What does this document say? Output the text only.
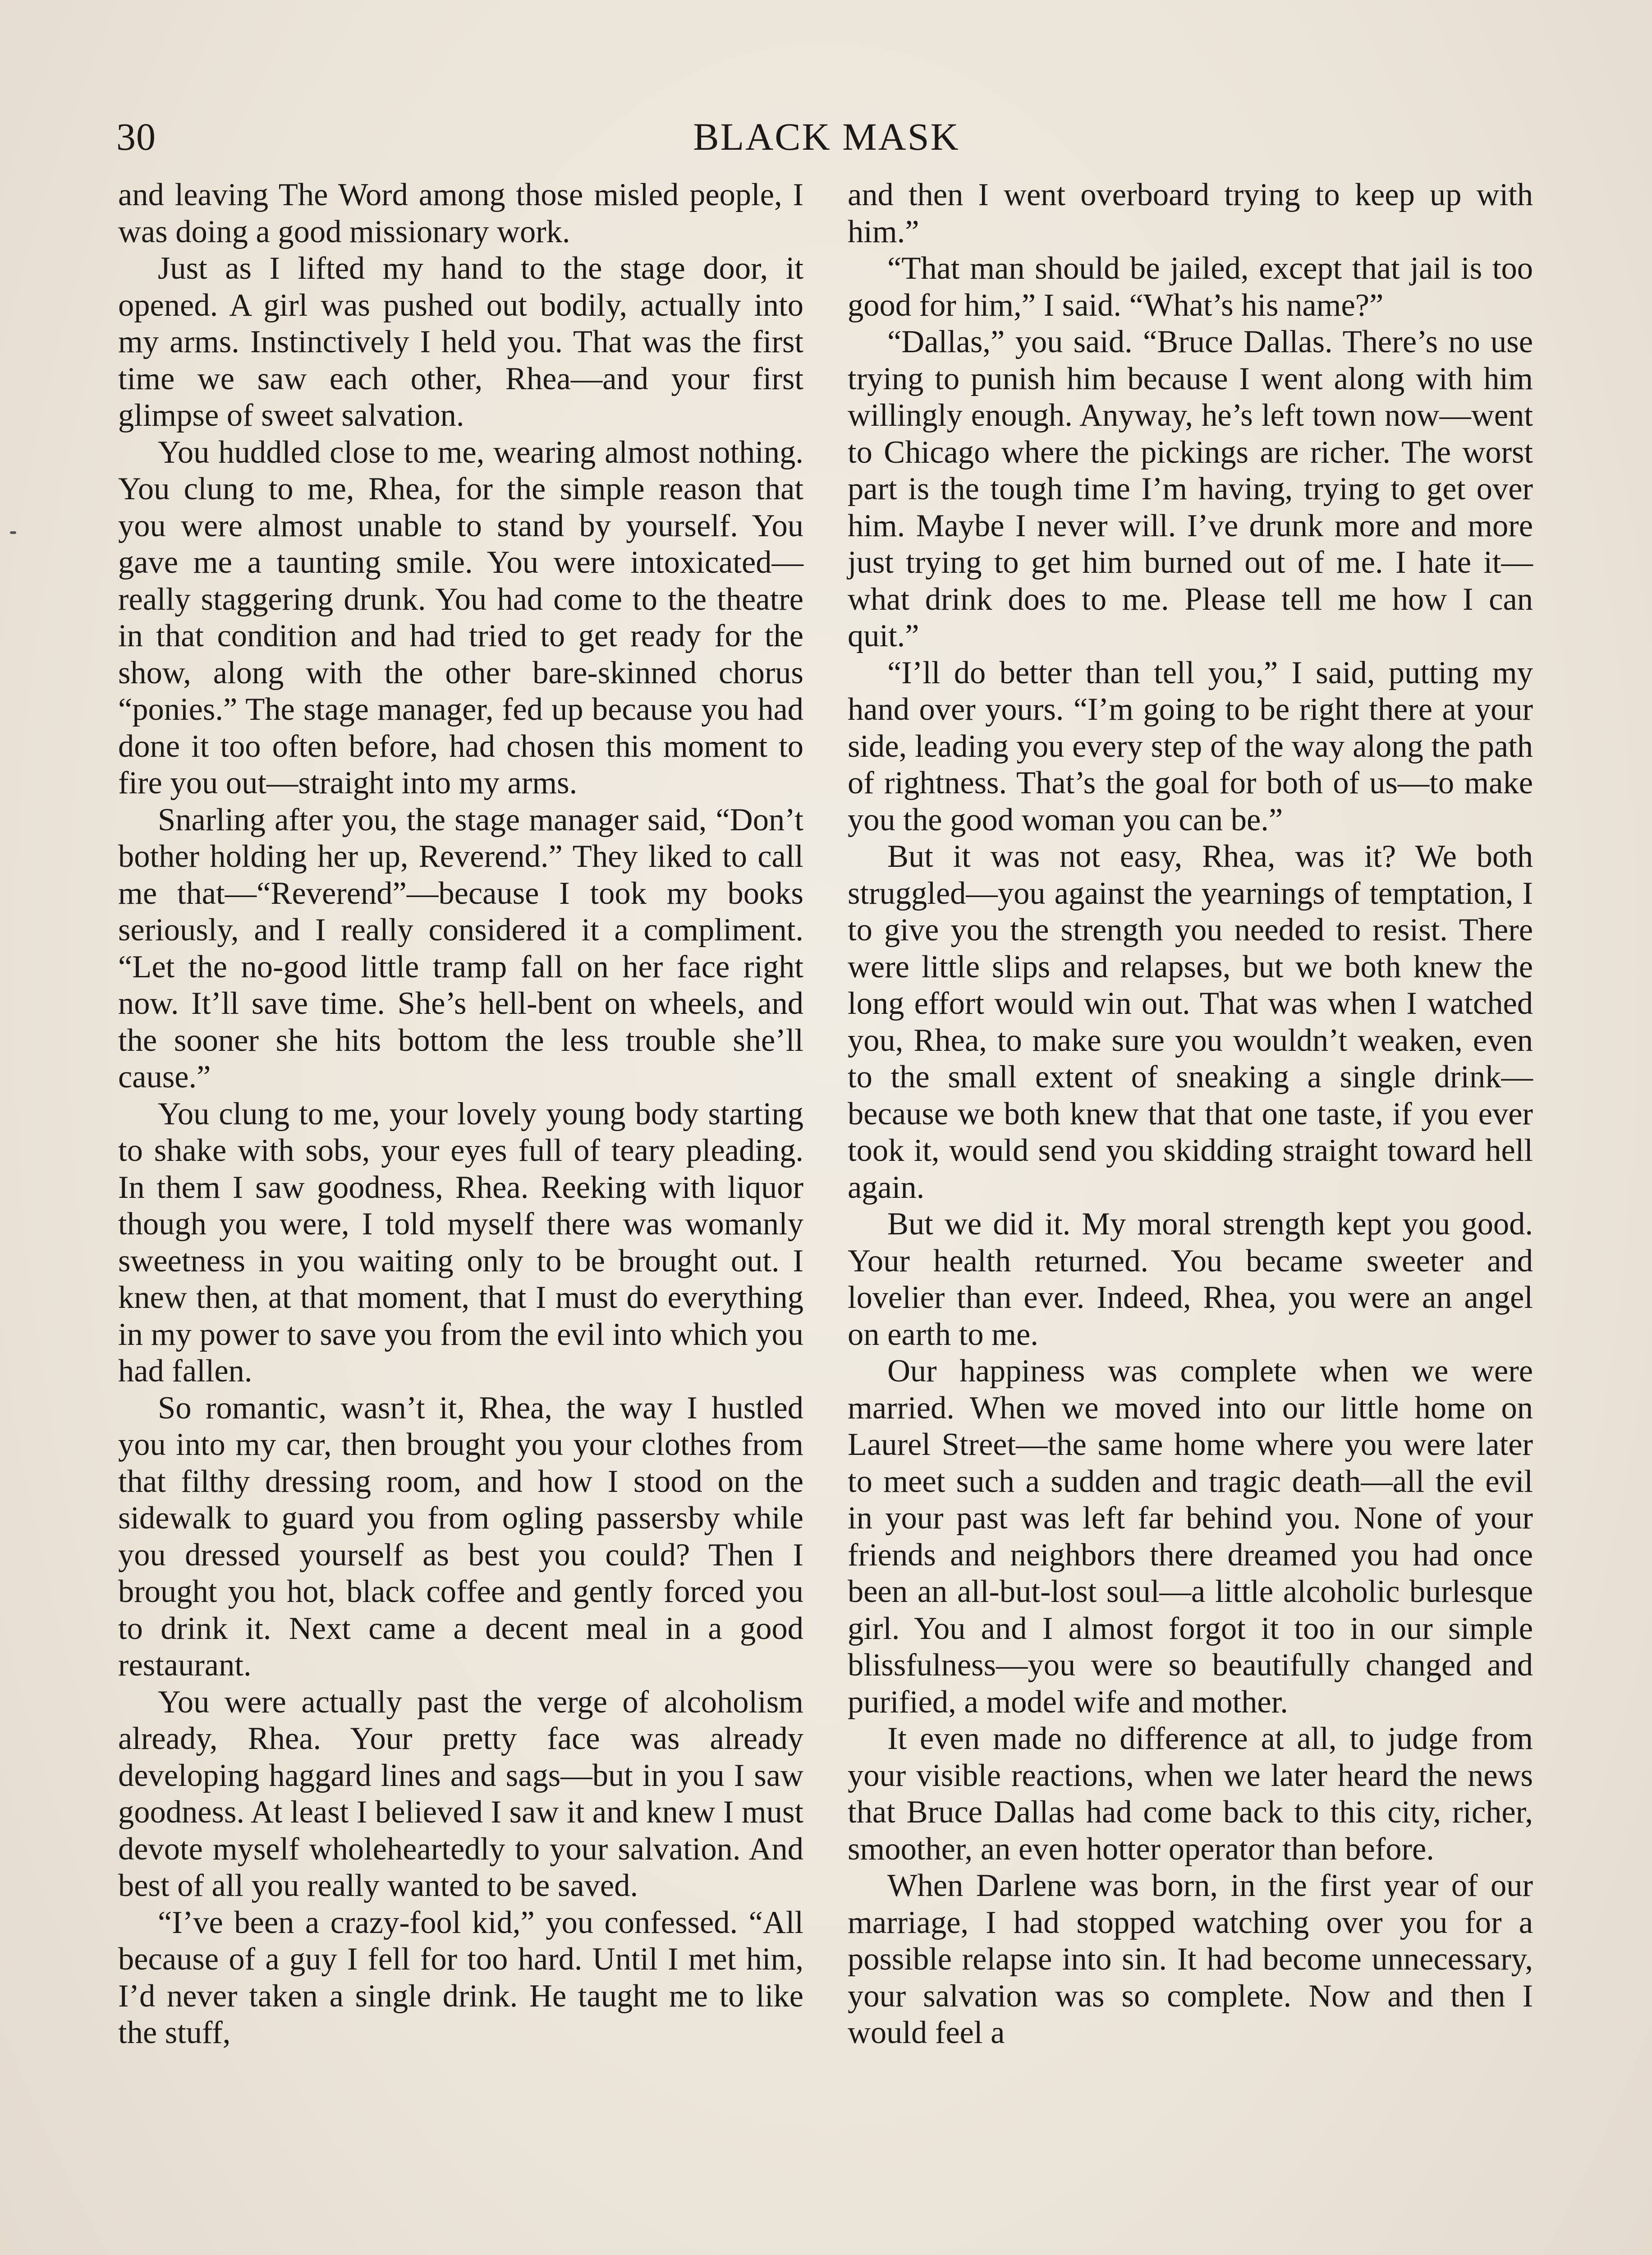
30	BLACK MASK

and leaving The Word among those misled people, I was doing a good missionary work.

Just as I lifted my hand to the stage door, it opened. A girl was pushed out bodily, actually into my arms. Instinctively I held you. That was the first time we saw each other, Rhea—and your first glimpse of sweet salvation.

You huddled close to me, wearing almost nothing. You clung to me, Rhea, for the simple reason that you were almost unable to stand by yourself. You gave me a taunting smile. You were intoxicated—really staggering drunk. You had come to the theatre in that condition and had tried to get ready for the show, along with the other bare-skinned chorus “ponies.” The stage manager, fed up because you had done it too often before, had chosen this moment to fire you out—straight into my arms.

Snarling after you, the stage manager said, “Don’t bother holding her up, Reverend.” They liked to call me that—“Reverend”—because I took my books seriously, and I really considered it a compliment. “Let the no-good little tramp fall on her face right now. It’ll save time. She’s hell-bent on wheels, and the sooner she hits bottom the less trouble she’ll cause.”

You clung to me, your lovely young body starting to shake with sobs, your eyes full of teary pleading. In them I saw goodness, Rhea. Reeking with liquor though you were, I told myself there was womanly sweetness in you waiting only to be brought out. I knew then, at that moment, that I must do everything in my power to save you from the evil into which you had fallen.

So romantic, wasn’t it, Rhea, the way I hustled you into my car, then brought you your clothes from that filthy dressing room, and how I stood on the sidewalk to guard you from ogling passersby while you dressed yourself as best you could? Then I brought you hot, black coffee and gently forced you to drink it. Next came a decent meal in a good restaurant.

You were actually past the verge of alcoholism already, Rhea. Your pretty face was already developing haggard lines and sags—but in you I saw goodness. At least I believed I saw it and knew I must devote myself wholeheartedly to your salvation. And best of all you really wanted to be saved.

“I’ve been a crazy-fool kid,” you confessed. “All because of a guy I fell for too hard. Until I met him, I’d never taken a single drink. He taught me to like the stuff,

and then I went overboard trying to keep up with him.”

“That man should be jailed, except that jail is too good for him,” I said. “What’s his name?”

“Dallas,” you said. “Bruce Dallas. There’s no use trying to punish him because I went along with him willingly enough. Anyway, he’s left town now—went to Chicago where the pickings are richer. The worst part is the tough time I’m having, trying to get over him. Maybe I never will. I’ve drunk more and more just trying to get him burned out of me. I hate it—what drink does to me. Please tell me how I can quit.”

“I’ll do better than tell you,” I said, putting my hand over yours. “I’m going to be right there at your side, leading you every step of the way along the path of rightness. That’s the goal for both of us—to make you the good woman you can be.”

But it was not easy, Rhea, was it? We both struggled—you against the yearnings of temptation, I to give you the strength you needed to resist. There were little slips and relapses, but we both knew the long effort would win out. That was when I watched you, Rhea, to make sure you wouldn’t weaken, even to the small extent of sneaking a single drink—because we both knew that that one taste, if you ever took it, would send you skidding straight toward hell again.

But we did it. My moral strength kept you good. Your health returned. You became sweeter and lovelier than ever. Indeed, Rhea, you were an angel on earth to me.

Our happiness was complete when we were married. When we moved into our little home on Laurel Street—the same home where you were later to meet such a sudden and tragic death—all the evil in your past was left far behind you. None of your friends and neighbors there dreamed you had once been an all-but-lost soul—a little alcoholic burlesque girl. You and I almost forgot it too in our simple blissfulness—you were so beautifully changed and purified, a model wife and mother.

It even made no difference at all, to judge from your visible reactions, when we later heard the news that Bruce Dallas had come back to this city, richer, smoother, an even hotter operator than before.

When Darlene was born, in the first year of our marriage, I had stopped watching over you for a possible relapse into sin. It had become unnecessary, your salvation was so complete. Now and then I would feel a
